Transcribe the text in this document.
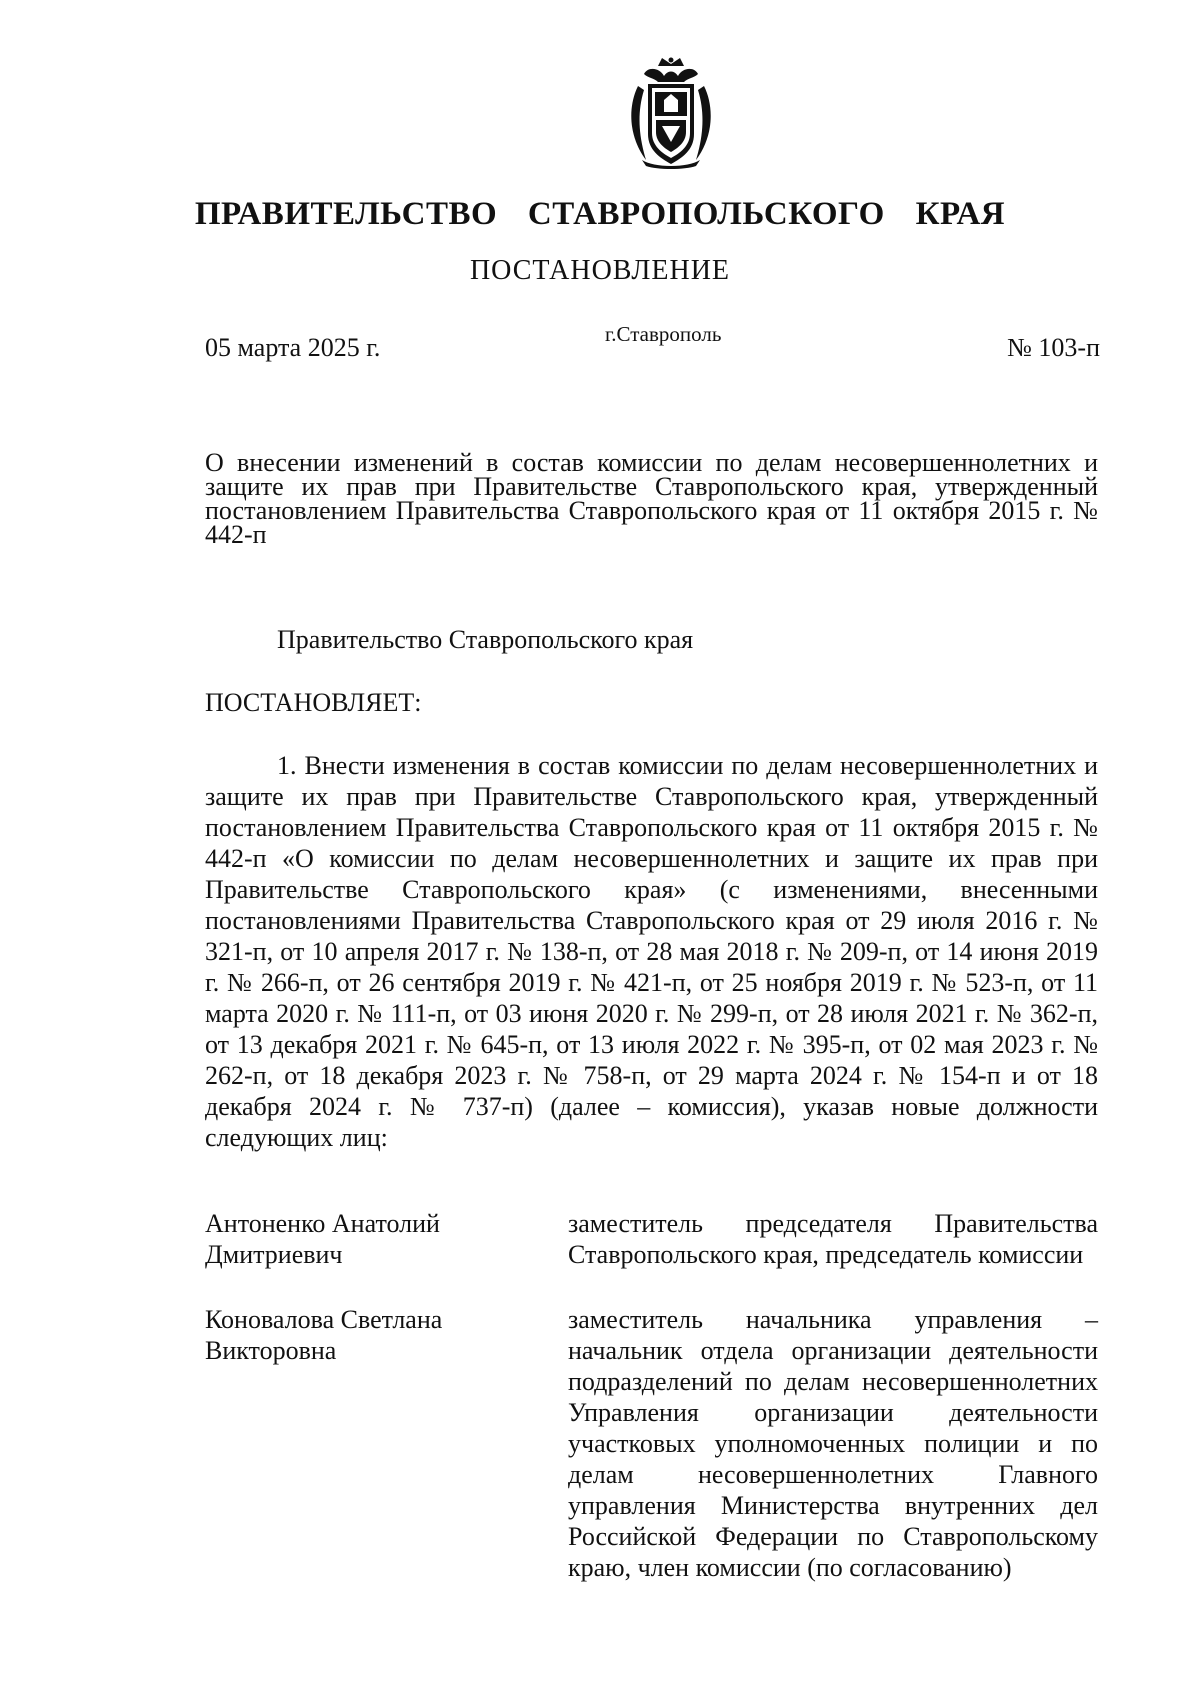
ПРАВИТЕЛЬСТВО СТАВРОПОЛЬСКОГО КРАЯ
ПОСТАНОВЛЕНИЕ
05 марта 2025 г.	г.Ставрополь	№ 103-п
О внесении изменений в состав комиссии по делам несовершеннолетних и защите их прав при Правительстве Ставропольского края, утвержденный постановлением Правительства Ставропольского края от 11 октября 2015 г. № 442-п
Правительство Ставропольского края
ПОСТАНОВЛЯЕТ:

1. Внести изменения в состав комиссии по делам несовершеннолетних и защите их прав при Правительстве Ставропольского края, утвержденный постановлением Правительства Ставропольского края от 11 октября 2015 г. № 442-п «О комиссии по делам несовершеннолетних и защите их прав при Правительстве Ставропольского края» (с изменениями, внесенными постановлениями Правительства Ставропольского края от 29 июля 2016 г. № 321-п, от 10 апреля 2017 г. № 138-п, от 28 мая 2018 г. № 209-п, от 14 июня 2019 г. № 266-п, от 26 сентября 2019 г. № 421-п, от 25 ноября 2019 г. № 523-п, от 11 марта 2020 г. № 111-п, от 03 июня 2020 г. № 299-п, от 28 июля 2021 г. № 362-п, от 13 декабря 2021 г. № 645-п, от 13 июля 2022 г. № 395-п, от 02 мая 2023 г. № 262-п, от 18 декабря 2023 г. № 758-п, от 29 марта 2024 г. № 154-п и от 18 декабря 2024 г. № 737-п) (далее – комиссия), указав новые должности следующих лиц:

Антоненко Анатолий
Дмитриевич
заместитель председателя Правительства Ставропольского края, председатель комиссии
Коновалова Светлана
Викторовна
заместитель начальника управления – начальник отдела организации деятельности подразделений по делам несовершеннолетних Управления организации деятельности участковых уполномоченных полиции и по делам несовершеннолетних Главного управления Министерства внутренних дел Российской Федерации по Ставропольскому краю, член комиссии (по согласованию)
